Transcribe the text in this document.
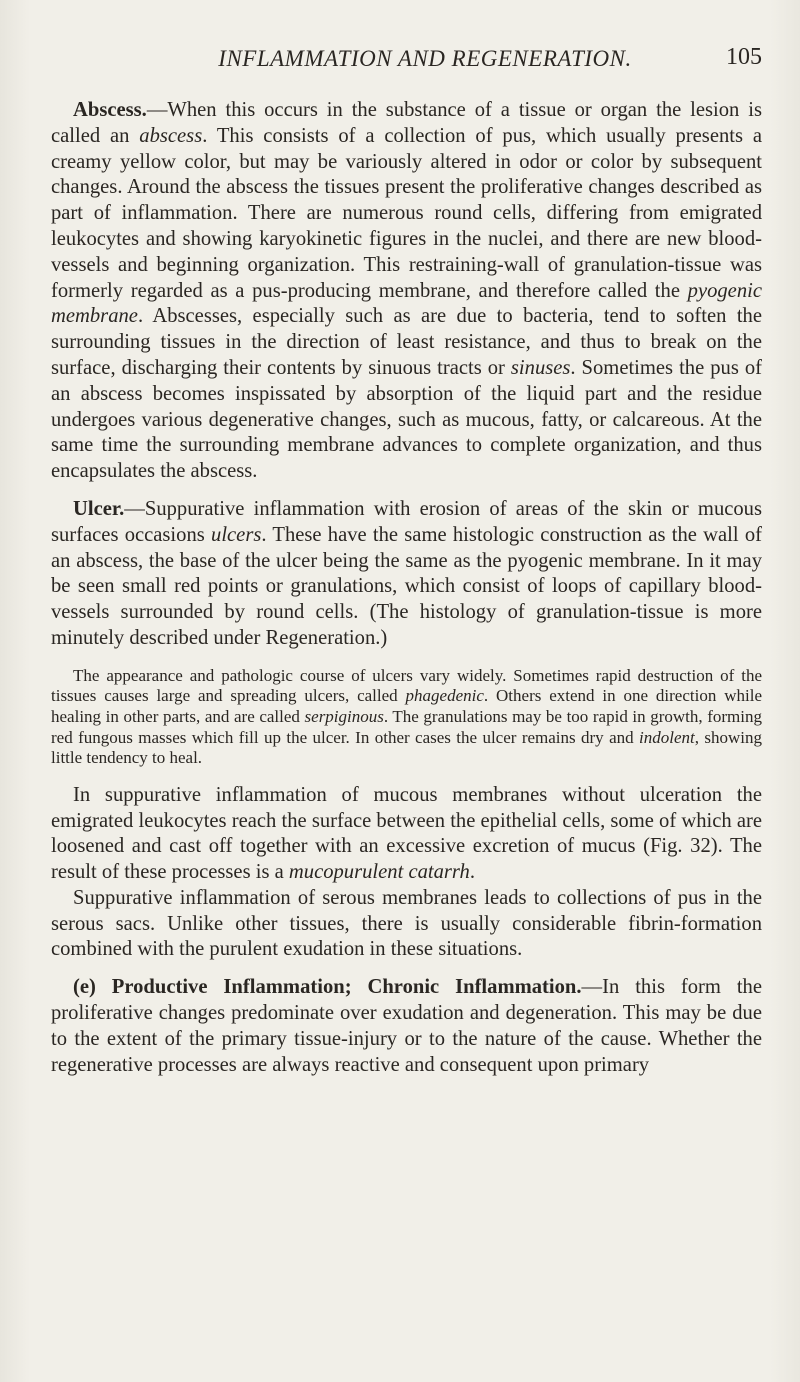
INFLAMMATION AND REGENERATION.	105

Abscess.—When this occurs in the substance of a tissue or organ the lesion is called an abscess. This consists of a collection of pus, which usually presents a creamy yellow color, but may be variously altered in odor or color by subsequent changes. Around the abscess the tissues present the proliferative changes described as part of inflammation. There are numerous round cells, differing from emigrated leukocytes and showing karyokinetic figures in the nuclei, and there are new blood-vessels and beginning organization. This restraining-wall of granulation-tissue was formerly regarded as a pus-producing membrane, and therefore called the pyogenic membrane. Abscesses, especially such as are due to bacteria, tend to soften the surrounding tissues in the direction of least resistance, and thus to break on the surface, discharging their contents by sinuous tracts or sinuses. Sometimes the pus of an abscess becomes inspissated by absorption of the liquid part and the residue undergoes various degenerative changes, such as mucous, fatty, or calcareous. At the same time the surrounding membrane advances to complete organization, and thus encapsulates the abscess.

Ulcer.—Suppurative inflammation with erosion of areas of the skin or mucous surfaces occasions ulcers. These have the same histologic construction as the wall of an abscess, the base of the ulcer being the same as the pyogenic membrane. In it may be seen small red points or granulations, which consist of loops of capillary blood-vessels surrounded by round cells. (The histology of granulation-tissue is more minutely described under Regeneration.)

The appearance and pathologic course of ulcers vary widely. Sometimes rapid destruction of the tissues causes large and spreading ulcers, called phagedenic. Others extend in one direction while healing in other parts, and are called serpiginous. The granulations may be too rapid in growth, forming red fungous masses which fill up the ulcer. In other cases the ulcer remains dry and indolent, showing little tendency to heal.

In suppurative inflammation of mucous membranes without ulceration the emigrated leukocytes reach the surface between the epithelial cells, some of which are loosened and cast off together with an excessive excretion of mucus (Fig. 32). The result of these processes is a mucopurulent catarrh.

Suppurative inflammation of serous membranes leads to collections of pus in the serous sacs. Unlike other tissues, there is usually considerable fibrin-formation combined with the purulent exudation in these situations.

(e) Productive Inflammation; Chronic Inflammation.—In this form the proliferative changes predominate over exudation and degeneration. This may be due to the extent of the primary tissue-injury or to the nature of the cause. Whether the regenerative processes are always reactive and consequent upon primary
